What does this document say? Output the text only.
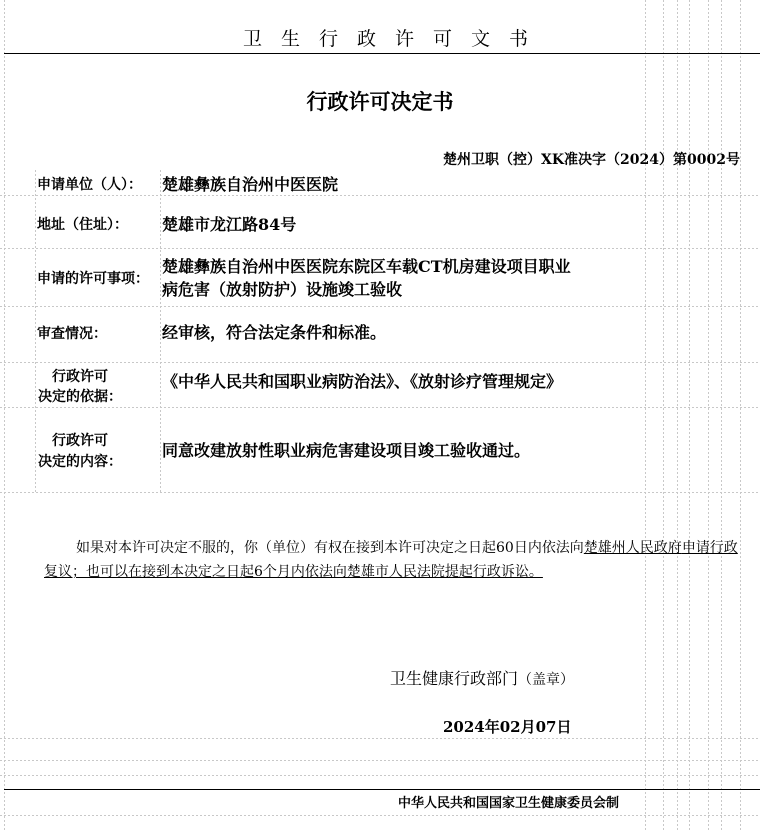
卫生行政许可文书
行政许可决定书
楚州卫职（控）XK准决字（2024）第0002号
申请单位（人）： 楚雄彝族自治州中医医院
地址（住址）： 楚雄市龙江路84号
申请的许可事项：
楚雄彝族自治州中医医院东院区车载CT机房建设项目职业
病危害（放射防护）设施竣工验收
审查情况：	经审核，符合法定条件和标准。
行政许可
决定的依据：
《中华人民共和国职业病防治法》、《放射诊疗管理规定》
行政许可
决定的内容：
同意改建放射性职业病危害建设项目竣工验收通过。
如果对本许可决定不服的，你（单位）有权在接到本许可决定之日起60日内依法向楚雄州人民政府申请行政复议；也可以在接到本决定之日起6个月内依法向楚雄市人民法院提起行政诉讼。
卫生健康行政部门（盖章）
2024年02月07日
中华人民共和国国家卫生健康委员会制
